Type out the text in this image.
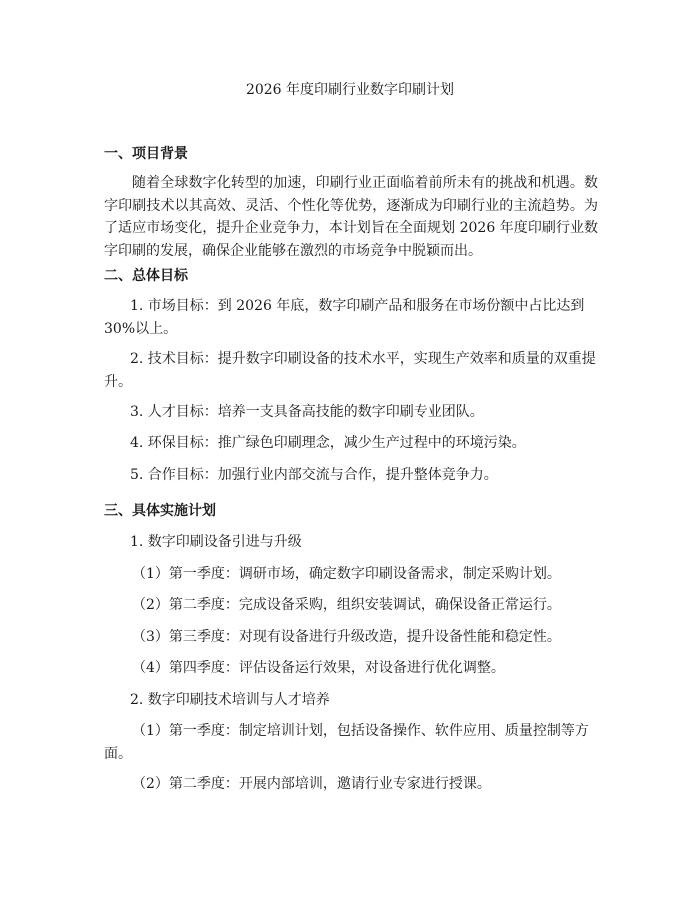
2026 年度印刷行业数字印刷计划
一、项目背景
随着全球数字化转型的加速，印刷行业正面临着前所未有的挑战和机遇。数字印刷技术以其高效、灵活、个性化等优势，逐渐成为印刷行业的主流趋势。为了适应市场变化，提升企业竞争力，本计划旨在全面规划 2026 年度印刷行业数字印刷的发展，确保企业能够在激烈的市场竞争中脱颖而出。
二、总体目标
1. 市场目标：到 2026 年底，数字印刷产品和服务在市场份额中占比达到 30%以上。
2. 技术目标：提升数字印刷设备的技术水平，实现生产效率和质量的双重提升。
3. 人才目标：培养一支具备高技能的数字印刷专业团队。
4. 环保目标：推广绿色印刷理念，减少生产过程中的环境污染。
5. 合作目标：加强行业内部交流与合作，提升整体竞争力。
三、具体实施计划
1. 数字印刷设备引进与升级
（1）第一季度：调研市场，确定数字印刷设备需求，制定采购计划。
（2）第二季度：完成设备采购，组织安装调试，确保设备正常运行。
（3）第三季度：对现有设备进行升级改造，提升设备性能和稳定性。
（4）第四季度：评估设备运行效果，对设备进行优化调整。
2. 数字印刷技术培训与人才培养
（1）第一季度：制定培训计划，包括设备操作、软件应用、质量控制等方面。
（2）第二季度：开展内部培训，邀请行业专家进行授课。
